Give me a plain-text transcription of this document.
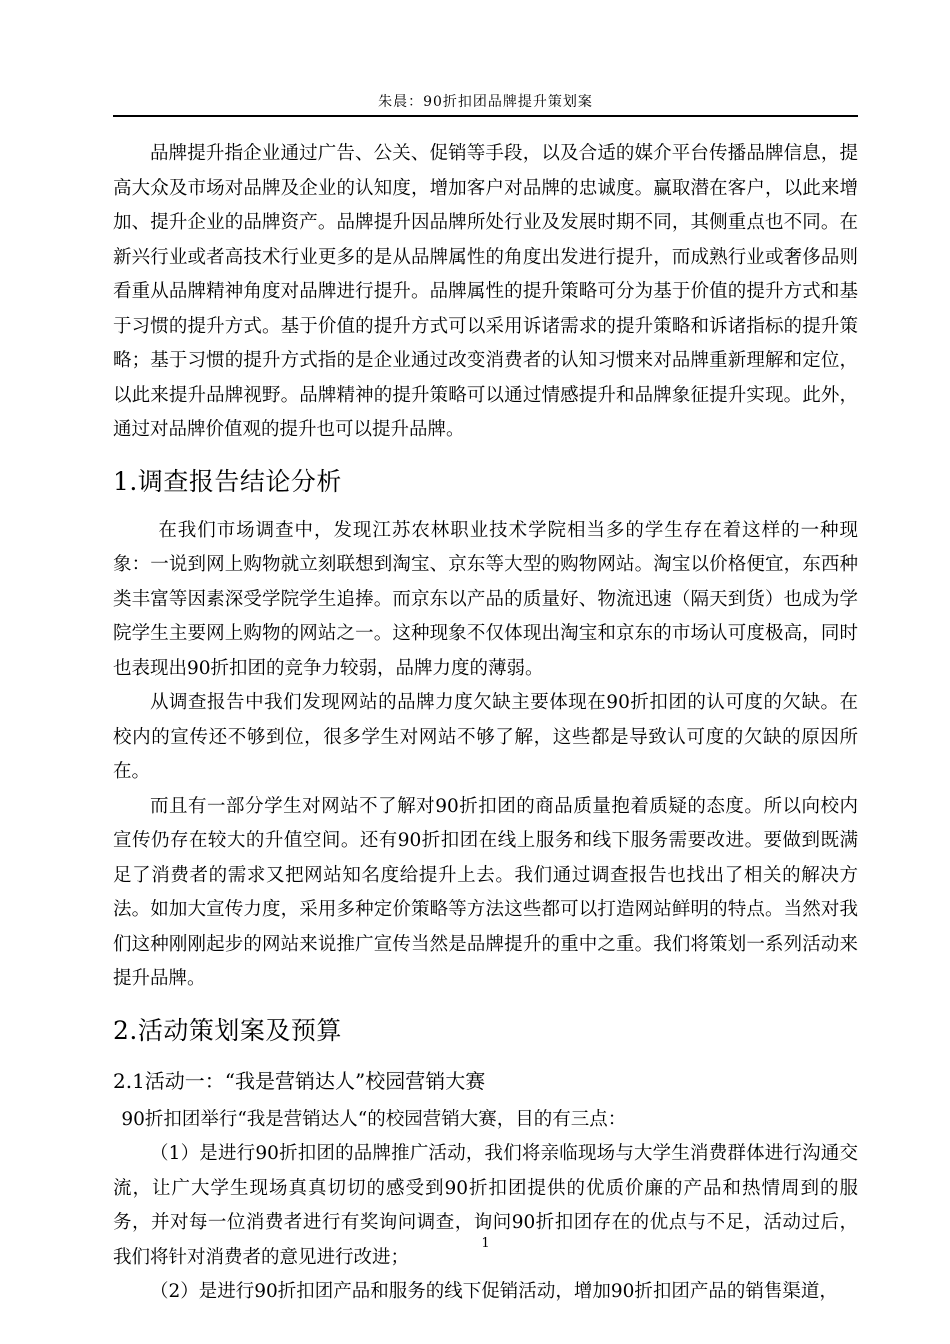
朱晨：90折扣团品牌提升策划案

品牌提升指企业通过广告、公关、促销等手段，以及合适的媒介平台传播品牌信息，提高大众及市场对品牌及企业的认知度，增加客户对品牌的忠诚度。赢取潜在客户，以此来增加、提升企业的品牌资产。品牌提升因品牌所处行业及发展时期不同，其侧重点也不同。在新兴行业或者高技术行业更多的是从品牌属性的角度出发进行提升，而成熟行业或奢侈品则看重从品牌精神角度对品牌进行提升。品牌属性的提升策略可分为基于价值的提升方式和基于习惯的提升方式。基于价值的提升方式可以采用诉诸需求的提升策略和诉诸指标的提升策略；基于习惯的提升方式指的是企业通过改变消费者的认知习惯来对品牌重新理解和定位，以此来提升品牌视野。品牌精神的提升策略可以通过情感提升和品牌象征提升实现。此外，通过对品牌价值观的提升也可以提升品牌。

1.调查报告结论分析

在我们市场调查中，发现江苏农林职业技术学院相当多的学生存在着这样的一种现象：一说到网上购物就立刻联想到淘宝、京东等大型的购物网站。淘宝以价格便宜，东西种类丰富等因素深受学院学生追捧。而京东以产品的质量好、物流迅速（隔天到货）也成为学院学生主要网上购物的网站之一。这种现象不仅体现出淘宝和京东的市场认可度极高，同时也表现出90折扣团的竞争力较弱，品牌力度的薄弱。

从调查报告中我们发现网站的品牌力度欠缺主要体现在90折扣团的认可度的欠缺。在校内的宣传还不够到位，很多学生对网站不够了解，这些都是导致认可度的欠缺的原因所在。

而且有一部分学生对网站不了解对90折扣团的商品质量抱着质疑的态度。所以向校内宣传仍存在较大的升值空间。还有90折扣团在线上服务和线下服务需要改进。要做到既满足了消费者的需求又把网站知名度给提升上去。我们通过调查报告也找出了相关的解决方法。如加大宣传力度，采用多种定价策略等方法这些都可以打造网站鲜明的特点。当然对我们这种刚刚起步的网站来说推广宣传当然是品牌提升的重中之重。我们将策划一系列活动来提升品牌。

2.活动策划案及预算
2.1活动一：“我是营销达人”校园营销大赛

90折扣团举行“我是营销达人“的校园营销大赛，目的有三点：

（1）是进行90折扣团的品牌推广活动，我们将亲临现场与大学生消费群体进行沟通交流，让广大学生现场真真切切的感受到90折扣团提供的优质价廉的产品和热情周到的服务，并对每一位消费者进行有奖询问调查，询问90折扣团存在的优点与不足，活动过后，我们将针对消费者的意见进行改进；

（2）是进行90折扣团产品和服务的线下促销活动，增加90折扣团产品的销售渠道，

1
